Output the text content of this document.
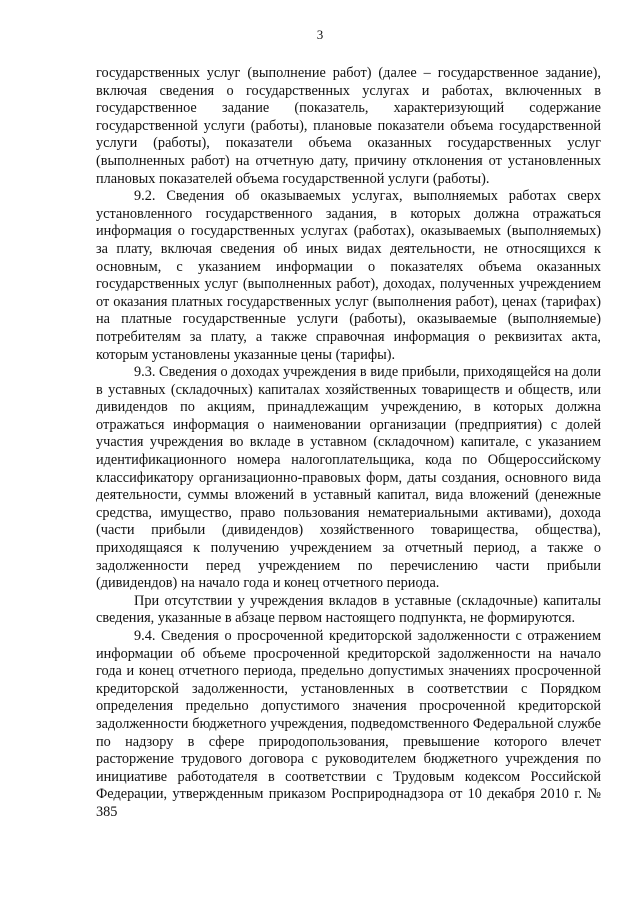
3

государственных услуг (выполнение работ) (далее – государственное задание), включая сведения о государственных услугах и работах, включенных в государственное задание (показатель, характеризующий содержание государственной услуги (работы), плановые показатели объема государственной услуги (работы), показатели объема оказанных государственных услуг (выполненных работ) на отчетную дату, причину отклонения от установленных плановых показателей объема государственной услуги (работы).

9.2. Сведения об оказываемых услугах, выполняемых работах сверх установленного государственного задания, в которых должна отражаться информация о государственных услугах (работах), оказываемых (выполняемых) за плату, включая сведения об иных видах деятельности, не относящихся к основным, с указанием информации о показателях объема оказанных государственных услуг (выполненных работ), доходах, полученных учреждением от оказания платных государственных услуг (выполнения работ), ценах (тарифах) на платные государственные услуги (работы), оказываемые (выполняемые) потребителям за плату, а также справочная информация о реквизитах акта, которым установлены указанные цены (тарифы).

9.3. Сведения о доходах учреждения в виде прибыли, приходящейся на доли в уставных (складочных) капиталах хозяйственных товариществ и обществ, или дивидендов по акциям, принадлежащим учреждению, в которых должна отражаться информация о наименовании организации (предприятия) с долей участия учреждения во вкладе в уставном (складочном) капитале, с указанием идентификационного номера налогоплательщика, кода по Общероссийскому классификатору организационно-правовых форм, даты создания, основного вида деятельности, суммы вложений в уставный капитал, вида вложений (денежные средства, имущество, право пользования нематериальными активами), дохода (части прибыли (дивидендов) хозяйственного товарищества, общества), приходящаяся к получению учреждением за отчетный период, а также о задолженности перед учреждением по перечислению части прибыли (дивидендов) на начало года и конец отчетного периода.

При отсутствии у учреждения вкладов в уставные (складочные) капиталы сведения, указанные в абзаце первом настоящего подпункта, не формируются.

9.4. Сведения о просроченной кредиторской задолженности с отражением информации об объеме просроченной кредиторской задолженности на начало года и конец отчетного периода, предельно допустимых значениях просроченной кредиторской задолженности, установленных в соответствии с Порядком определения предельно допустимого значения просроченной кредиторской задолженности бюджетного учреждения, подведомственного Федеральной службе по надзору в сфере природопользования, превышение которого влечет расторжение трудового договора с руководителем бюджетного учреждения по инициативе работодателя в соответствии с Трудовым кодексом Российской Федерации, утвержденным приказом Росприроднадзора от 10 декабря 2010 г. № 385
